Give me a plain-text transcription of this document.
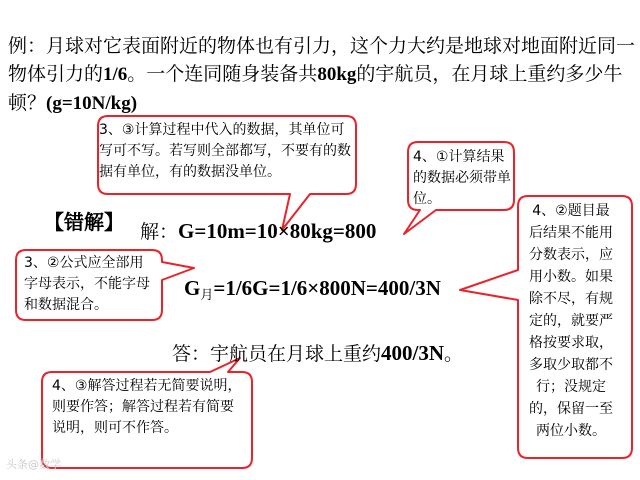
例：月球对它表面附近的物体也有引力，这个力大约是地球对地面附近同一物体引力的1/6。一个连同随身装备共80kg的宇航员，在月球上重约多少牛顿？(g=10N/kg)
3、③计算过程中代入的数据，其单位可写可不写。若写则全部都写，不要有的数据有单位，有的数据没单位。
4、①计算结果的数据必须带单位。
3、②公式应全部用字母表示，不能字母和数据混合。
4、②题目最后结果不能用分数表示，应用小数。如果除不尽，有规定的，就要严格按要求取，多取少取都不行；没规定的，保留一至两位小数。
4、③解答过程若无简要说明，则要作答；解答过程若有简要说明，则可不作答。
【错解】 解：G=10m=10×80kg=800
$G_月=1/6G=1/6\times 800N=400/3N$
答：宇航员在月球上重约400/3N。
头条@数学
